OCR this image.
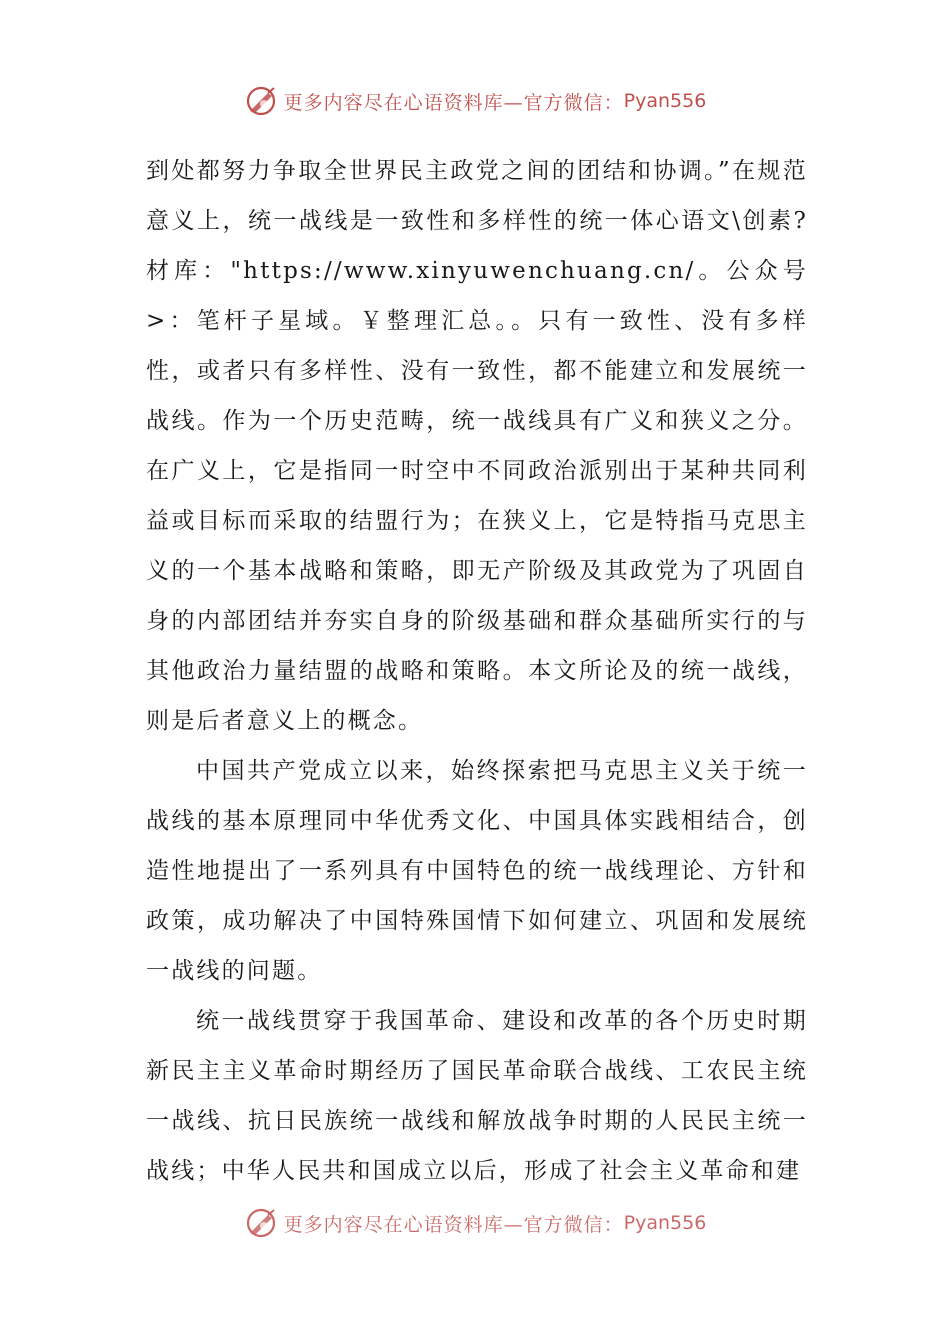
更多内容尽在心语资料库—官方微信： Pyan556

到处都努力争取全世界民主政党之间的团结和协调。”在规范意义上，统一战线是一致性和多样性的统一体心语文\创素?材库："https://www.xinyuwenchuang.cn/。公众号>：笔杆子星域。￥整理汇总。。只有一致性、没有多样性，或者只有多样性、没有一致性，都不能建立和发展统一战线。作为一个历史范畴，统一战线具有广义和狭义之分。在广义上，它是指同一时空中不同政治派别出于某种共同利益或目标而采取的结盟行为；在狭义上，它是特指马克思主义的一个基本战略和策略，即无产阶级及其政党为了巩固自身的内部团结并夯实自身的阶级基础和群众基础所实行的与其他政治力量结盟的战略和策略。本文所论及的统一战线，则是后者意义上的概念。

中国共产党成立以来，始终探索把马克思主义关于统一战线的基本原理同中华优秀文化、中国具体实践相结合，创造性地提出了一系列具有中国特色的统一战线理论、方针和政策，成功解决了中国特殊国情下如何建立、巩固和发展统一战线的问题。

统一战线贯穿于我国革命、建设和改革的各个历史时期新民主主义革命时期经历了国民革命联合战线、工农民主统一战线、抗日民族统一战线和解放战争时期的人民民主统一战线；中华人民共和国成立以后，形成了社会主义革命和建

更多内容尽在心语资料库—官方微信： Pyan556
